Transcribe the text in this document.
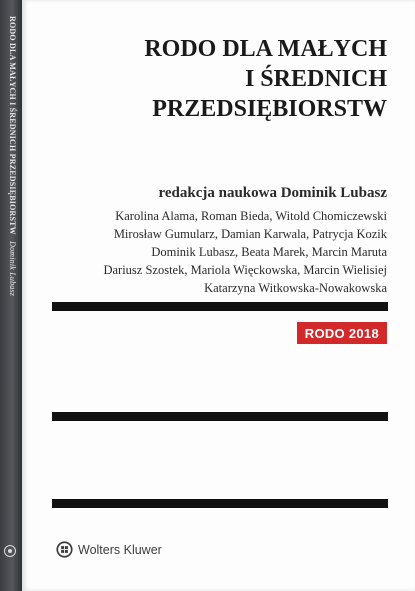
RODO DLA MAŁYCH I ŚREDNICH PRZEDSIĘBIORSTW Dominik Lubasz
RODO DLA MAŁYCH
I ŚREDNICH
PRZEDSIĘBIORSTW
redakcja naukowa Dominik Lubasz
Karolina Alama, Roman Bieda, Witold Chomiczewski
Mirosław Gumularz, Damian Karwala, Patrycja Kozik
Dominik Lubasz, Beata Marek, Marcin Maruta
Dariusz Szostek, Mariola Więckowska, Marcin Wielisiej
Katarzyna Witkowska-Nowakowska
RODO 2018
Wolters Kluwer
